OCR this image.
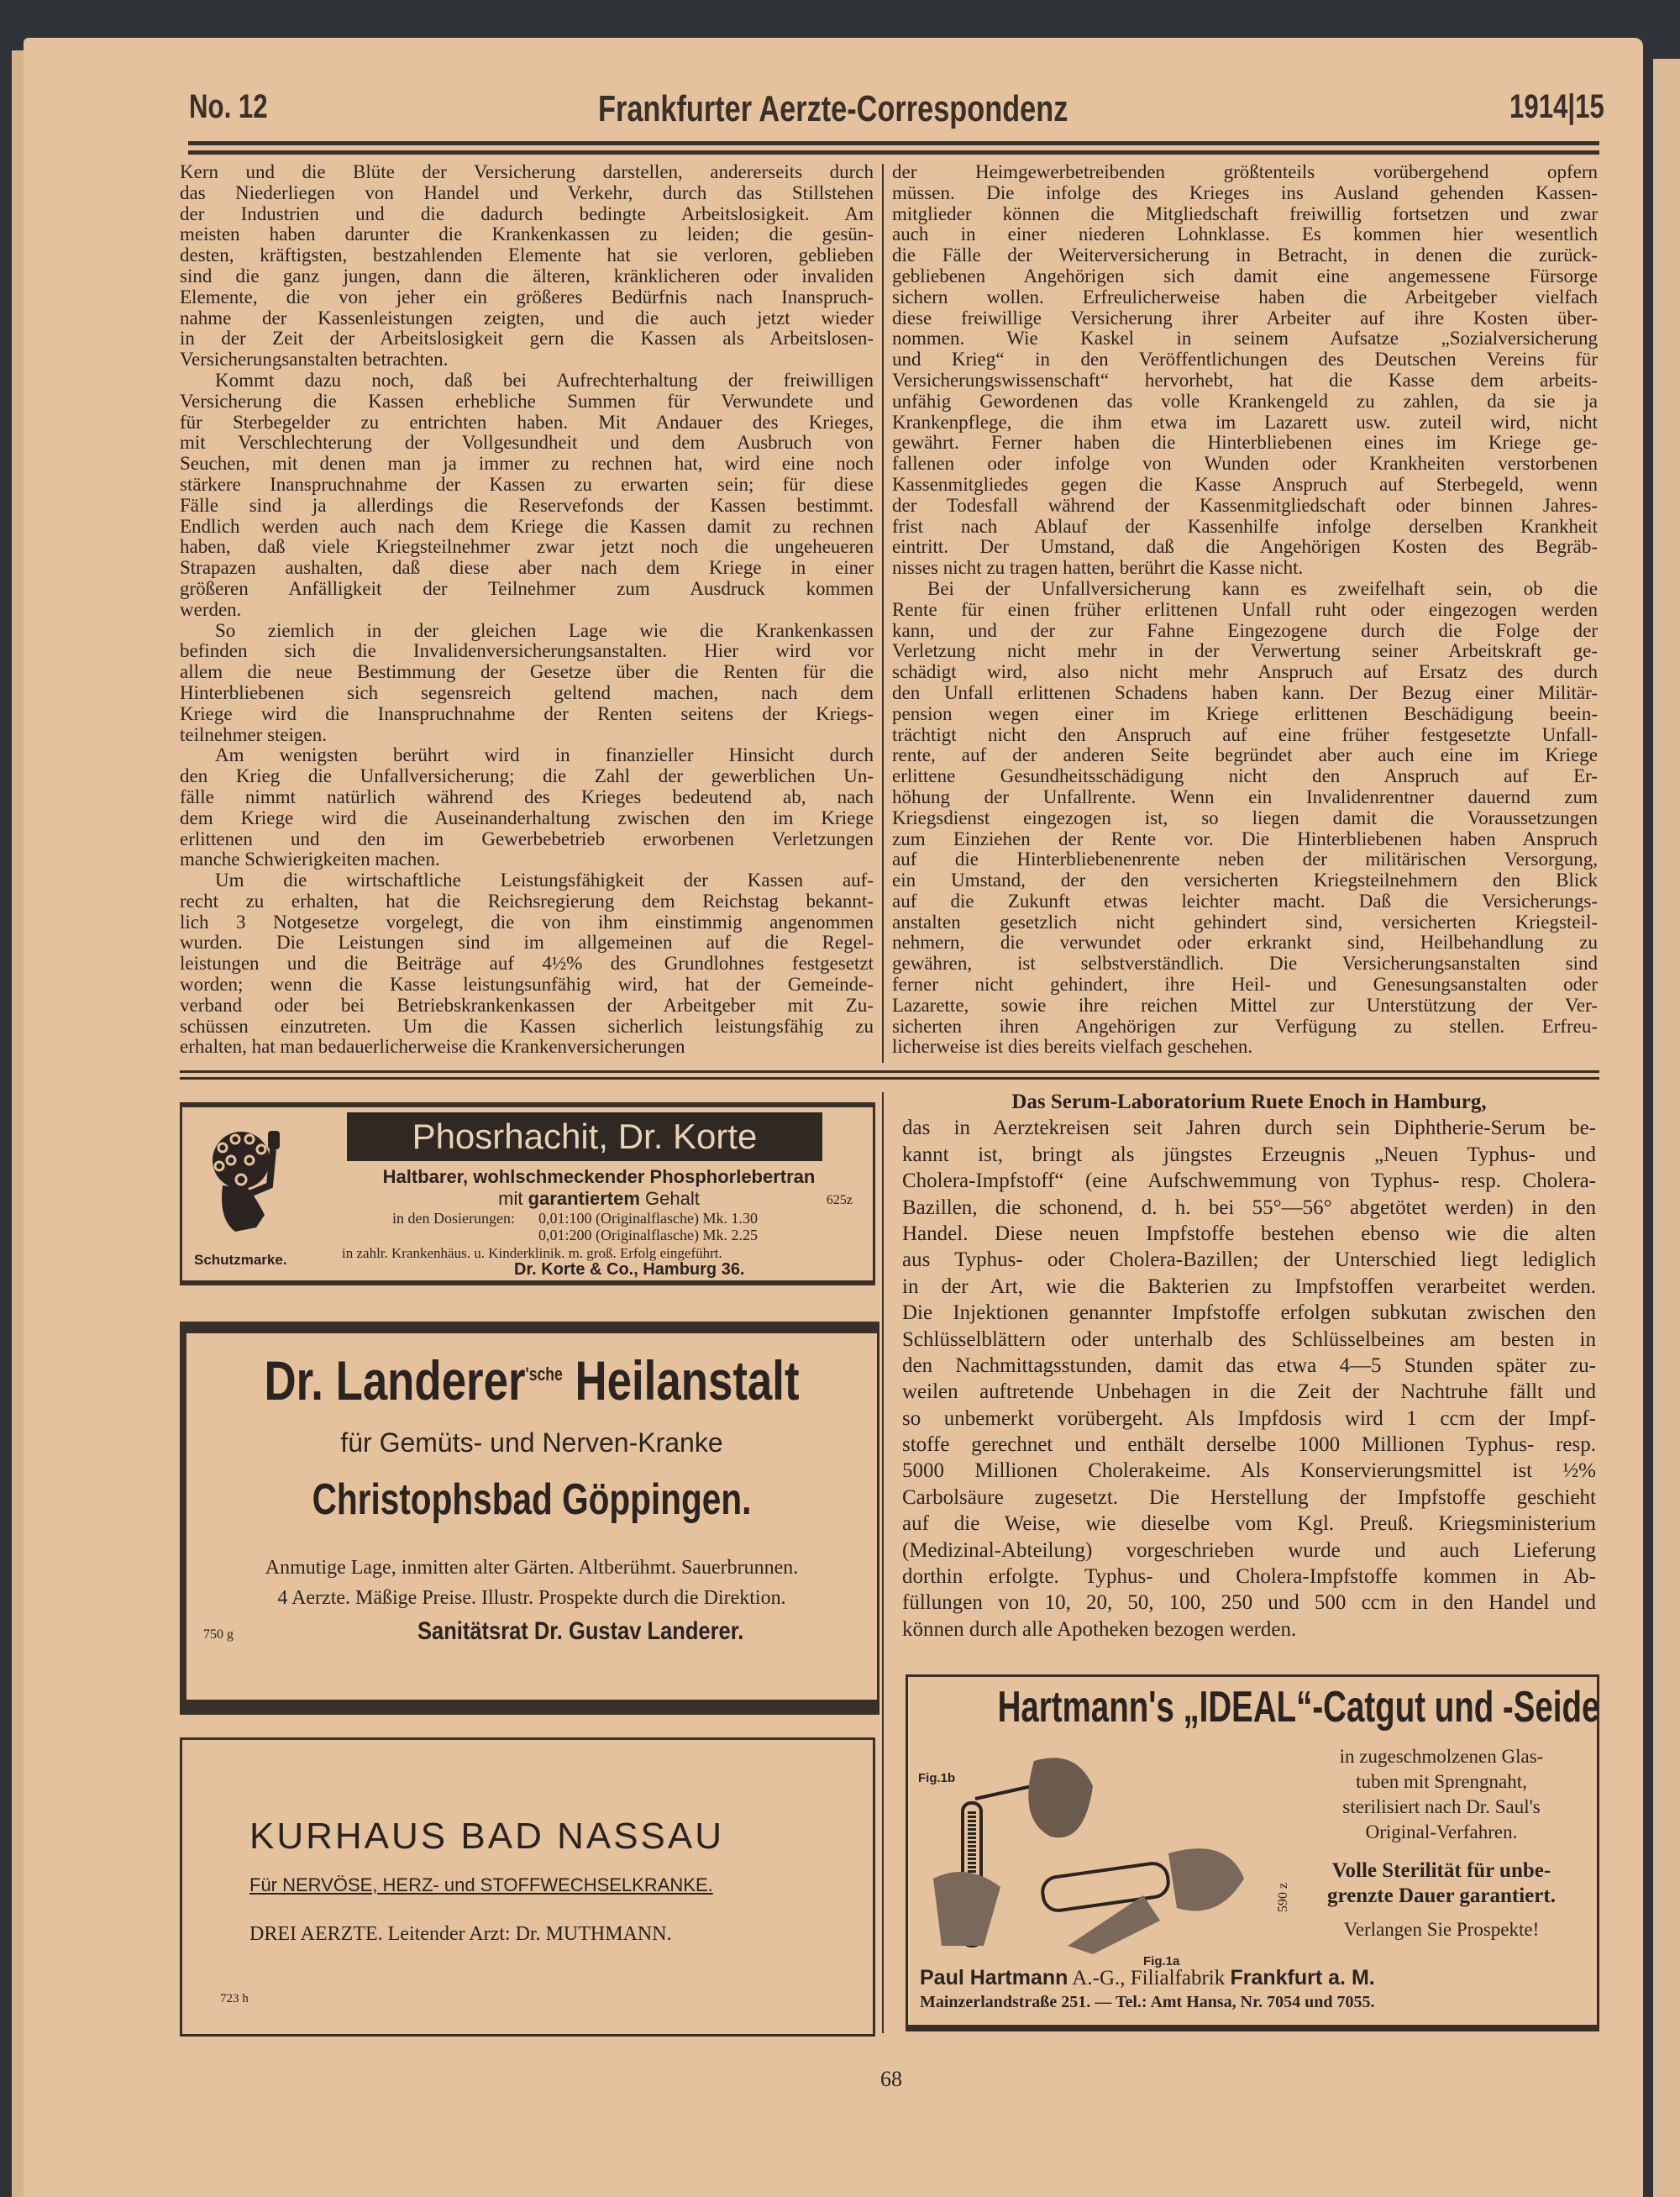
No. 12	Frankfurter Aerzte-Correspondenz	1914|15
Kern und die Blüte der Versicherung darstellen, andererseits durch
das Niederliegen von Handel und Verkehr, durch das Stillstehen
der Industrien und die dadurch bedingte Arbeitslosigkeit. Am
meisten haben darunter die Krankenkassen zu leiden; die gesün-
desten, kräftigsten, bestzahlenden Elemente hat sie verloren, geblieben
sind die ganz jungen, dann die älteren, kränklicheren oder invaliden
Elemente, die von jeher ein größeres Bedürfnis nach Inanspruch-
nahme der Kassenleistungen zeigten, und die auch jetzt wieder
in der Zeit der Arbeitslosigkeit gern die Kassen als Arbeitslosen-
Versicherungsanstalten betrachten.
Kommt dazu noch, daß bei Aufrechterhaltung der freiwilligen
Versicherung die Kassen erhebliche Summen für Verwundete und
für Sterbegelder zu entrichten haben. Mit Andauer des Krieges,
mit Verschlechterung der Vollgesundheit und dem Ausbruch von
Seuchen, mit denen man ja immer zu rechnen hat, wird eine noch
stärkere Inanspruchnahme der Kassen zu erwarten sein; für diese
Fälle sind ja allerdings die Reservefonds der Kassen bestimmt.
Endlich werden auch nach dem Kriege die Kassen damit zu rechnen
haben, daß viele Kriegsteilnehmer zwar jetzt noch die ungeheueren
Strapazen aushalten, daß diese aber nach dem Kriege in einer
größeren Anfälligkeit der Teilnehmer zum Ausdruck kommen
werden.
So ziemlich in der gleichen Lage wie die Krankenkassen
befinden sich die Invalidenversicherungsanstalten. Hier wird vor
allem die neue Bestimmung der Gesetze über die Renten für die
Hinterbliebenen sich segensreich geltend machen, nach dem
Kriege wird die Inanspruchnahme der Renten seitens der Kriegs-
teilnehmer steigen.
Am wenigsten berührt wird in finanzieller Hinsicht durch
den Krieg die Unfallversicherung; die Zahl der gewerblichen Un-
fälle nimmt natürlich während des Krieges bedeutend ab, nach
dem Kriege wird die Auseinanderhaltung zwischen den im Kriege
erlittenen und den im Gewerbebetrieb erworbenen Verletzungen
manche Schwierigkeiten machen.
Um die wirtschaftliche Leistungsfähigkeit der Kassen auf-
recht zu erhalten, hat die Reichsregierung dem Reichstag bekannt-
lich 3 Notgesetze vorgelegt, die von ihm einstimmig angenommen
wurden. Die Leistungen sind im allgemeinen auf die Regel-
leistungen und die Beiträge auf 4½% des Grundlohnes festgesetzt
worden; wenn die Kasse leistungsunfähig wird, hat der Gemeinde-
verband oder bei Betriebskrankenkassen der Arbeitgeber mit Zu-
schüssen einzutreten. Um die Kassen sicherlich leistungsfähig zu
erhalten, hat man bedauerlicherweise die Krankenversicherungen
der Heimgewerbetreibenden größtenteils vorübergehend opfern
müssen. Die infolge des Krieges ins Ausland gehenden Kassen-
mitglieder können die Mitgliedschaft freiwillig fortsetzen und zwar
auch in einer niederen Lohnklasse. Es kommen hier wesentlich
die Fälle der Weiterversicherung in Betracht, in denen die zurück-
gebliebenen Angehörigen sich damit eine angemessene Fürsorge
sichern wollen. Erfreulicherweise haben die Arbeitgeber vielfach
diese freiwillige Versicherung ihrer Arbeiter auf ihre Kosten über-
nommen. Wie Kaskel in seinem Aufsatze „Sozialversicherung
und Krieg“ in den Veröffentlichungen des Deutschen Vereins für
Versicherungswissenschaft“ hervorhebt, hat die Kasse dem arbeits-
unfähig Gewordenen das volle Krankengeld zu zahlen, da sie ja
Krankenpflege, die ihm etwa im Lazarett usw. zuteil wird, nicht
gewährt. Ferner haben die Hinterbliebenen eines im Kriege ge-
fallenen oder infolge von Wunden oder Krankheiten verstorbenen
Kassenmitgliedes gegen die Kasse Anspruch auf Sterbegeld, wenn
der Todesfall während der Kassenmitgliedschaft oder binnen Jahres-
frist nach Ablauf der Kassenhilfe infolge derselben Krankheit
eintritt. Der Umstand, daß die Angehörigen Kosten des Begräb-
nisses nicht zu tragen hatten, berührt die Kasse nicht.
Bei der Unfallversicherung kann es zweifelhaft sein, ob die
Rente für einen früher erlittenen Unfall ruht oder eingezogen werden
kann, und der zur Fahne Eingezogene durch die Folge der
Verletzung nicht mehr in der Verwertung seiner Arbeitskraft ge-
schädigt wird, also nicht mehr Anspruch auf Ersatz des durch
den Unfall erlittenen Schadens haben kann. Der Bezug einer Militär-
pension wegen einer im Kriege erlittenen Beschädigung beein-
trächtigt nicht den Anspruch auf eine früher festgesetzte Unfall-
rente, auf der anderen Seite begründet aber auch eine im Kriege
erlittene Gesundheitsschädigung nicht den Anspruch auf Er-
höhung der Unfallrente. Wenn ein Invalidenrentner dauernd zum
Kriegsdienst eingezogen ist, so liegen damit die Voraussetzungen
zum Einziehen der Rente vor. Die Hinterbliebenen haben Anspruch
auf die Hinterbliebenenrente neben der militärischen Versorgung,
ein Umstand, der den versicherten Kriegsteilnehmern den Blick
auf die Zukunft etwas leichter macht. Daß die Versicherungs-
anstalten gesetzlich nicht gehindert sind, versicherten Kriegsteil-
nehmern, die verwundet oder erkrankt sind, Heilbehandlung zu
gewähren, ist selbstverständlich. Die Versicherungsanstalten sind
ferner nicht gehindert, ihre Heil- und Genesungsanstalten oder
Lazarette, sowie ihre reichen Mittel zur Unterstützung der Ver-
sicherten ihren Angehörigen zur Verfügung zu stellen. Erfreu-
licherweise ist dies bereits vielfach geschehen.
Schutzmarke.
Phosrhachit, Dr. Korte
Haltbarer, wohlschmeckender Phosphorlebertran
mit garantiertem Gehalt	625z
in den Dosierungen: 0,01:100 (Originalflasche) Mk. 1.30
0,01:200 (Originalflasche) Mk. 2.25
in zahlr. Krankenhäus. u. Kinderklinik. m. groß. Erfolg eingeführt.
Dr. Korte & Co., Hamburg 36.
Dr. Landerer$^{'sche}$ Heilanstalt
für Gemüts- und Nerven-Kranke
Christophsbad Göppingen.
Anmutige Lage, inmitten alter Gärten. Altberühmt. Sauerbrunnen.
4 Aerzte. Mäßige Preise. Illustr. Prospekte durch die Direktion.
750 g	Sanitätsrat Dr. Gustav Landerer.
KURHAUS BAD NASSAU
Für NERVÖSE, HERZ- und STOFFWECHSELKRANKE.
DREI AERZTE. Leitender Arzt: Dr. MUTHMANN.
723 h
Das Serum-Laboratorium Ruete Enoch in Hamburg,
das in Aerztekreisen seit Jahren durch sein Diphtherie-Serum be-
kannt ist, bringt als jüngstes Erzeugnis „Neuen Typhus- und
Cholera-Impfstoff“ (eine Aufschwemmung von Typhus- resp. Cholera-
Bazillen, die schonend, d. h. bei 55°—56° abgetötet werden) in den
Handel. Diese neuen Impfstoffe bestehen ebenso wie die alten
aus Typhus- oder Cholera-Bazillen; der Unterschied liegt lediglich
in der Art, wie die Bakterien zu Impfstoffen verarbeitet werden.
Die Injektionen genannter Impfstoffe erfolgen subkutan zwischen den
Schlüsselblättern oder unterhalb des Schlüsselbeines am besten in
den Nachmittagsstunden, damit das etwa 4—5 Stunden später zu-
weilen auftretende Unbehagen in die Zeit der Nachtruhe fällt und
so unbemerkt vorübergeht. Als Impfdosis wird 1 ccm der Impf-
stoffe gerechnet und enthält derselbe 1000 Millionen Typhus- resp.
5000 Millionen Cholerakeime. Als Konservierungsmittel ist ½%
Carbolsäure zugesetzt. Die Herstellung der Impfstoffe geschieht
auf die Weise, wie dieselbe vom Kgl. Preuß. Kriegsministerium
(Medizinal-Abteilung) vorgeschrieben wurde und auch Lieferung
dorthin erfolgte. Typhus- und Cholera-Impfstoffe kommen in Ab-
füllungen von 10, 20, 50, 100, 250 und 500 ccm in den Handel und
können durch alle Apotheken bezogen werden.
Hartmann's „IDEAL“-Catgut und -Seide
Fig.1b
Fig.1a
590 z
in zugeschmolzenen Glas-
tuben mit Sprengnaht,
sterilisiert nach Dr. Saul's
Original-Verfahren.
Volle Sterilität für unbe-
grenzte Dauer garantiert.
Verlangen Sie Prospekte!
Paul Hartmann A.-G., Filialfabrik Frankfurt a. M.
Mainzerlandstraße 251. — Tel.: Amt Hansa, Nr. 7054 und 7055.
68
